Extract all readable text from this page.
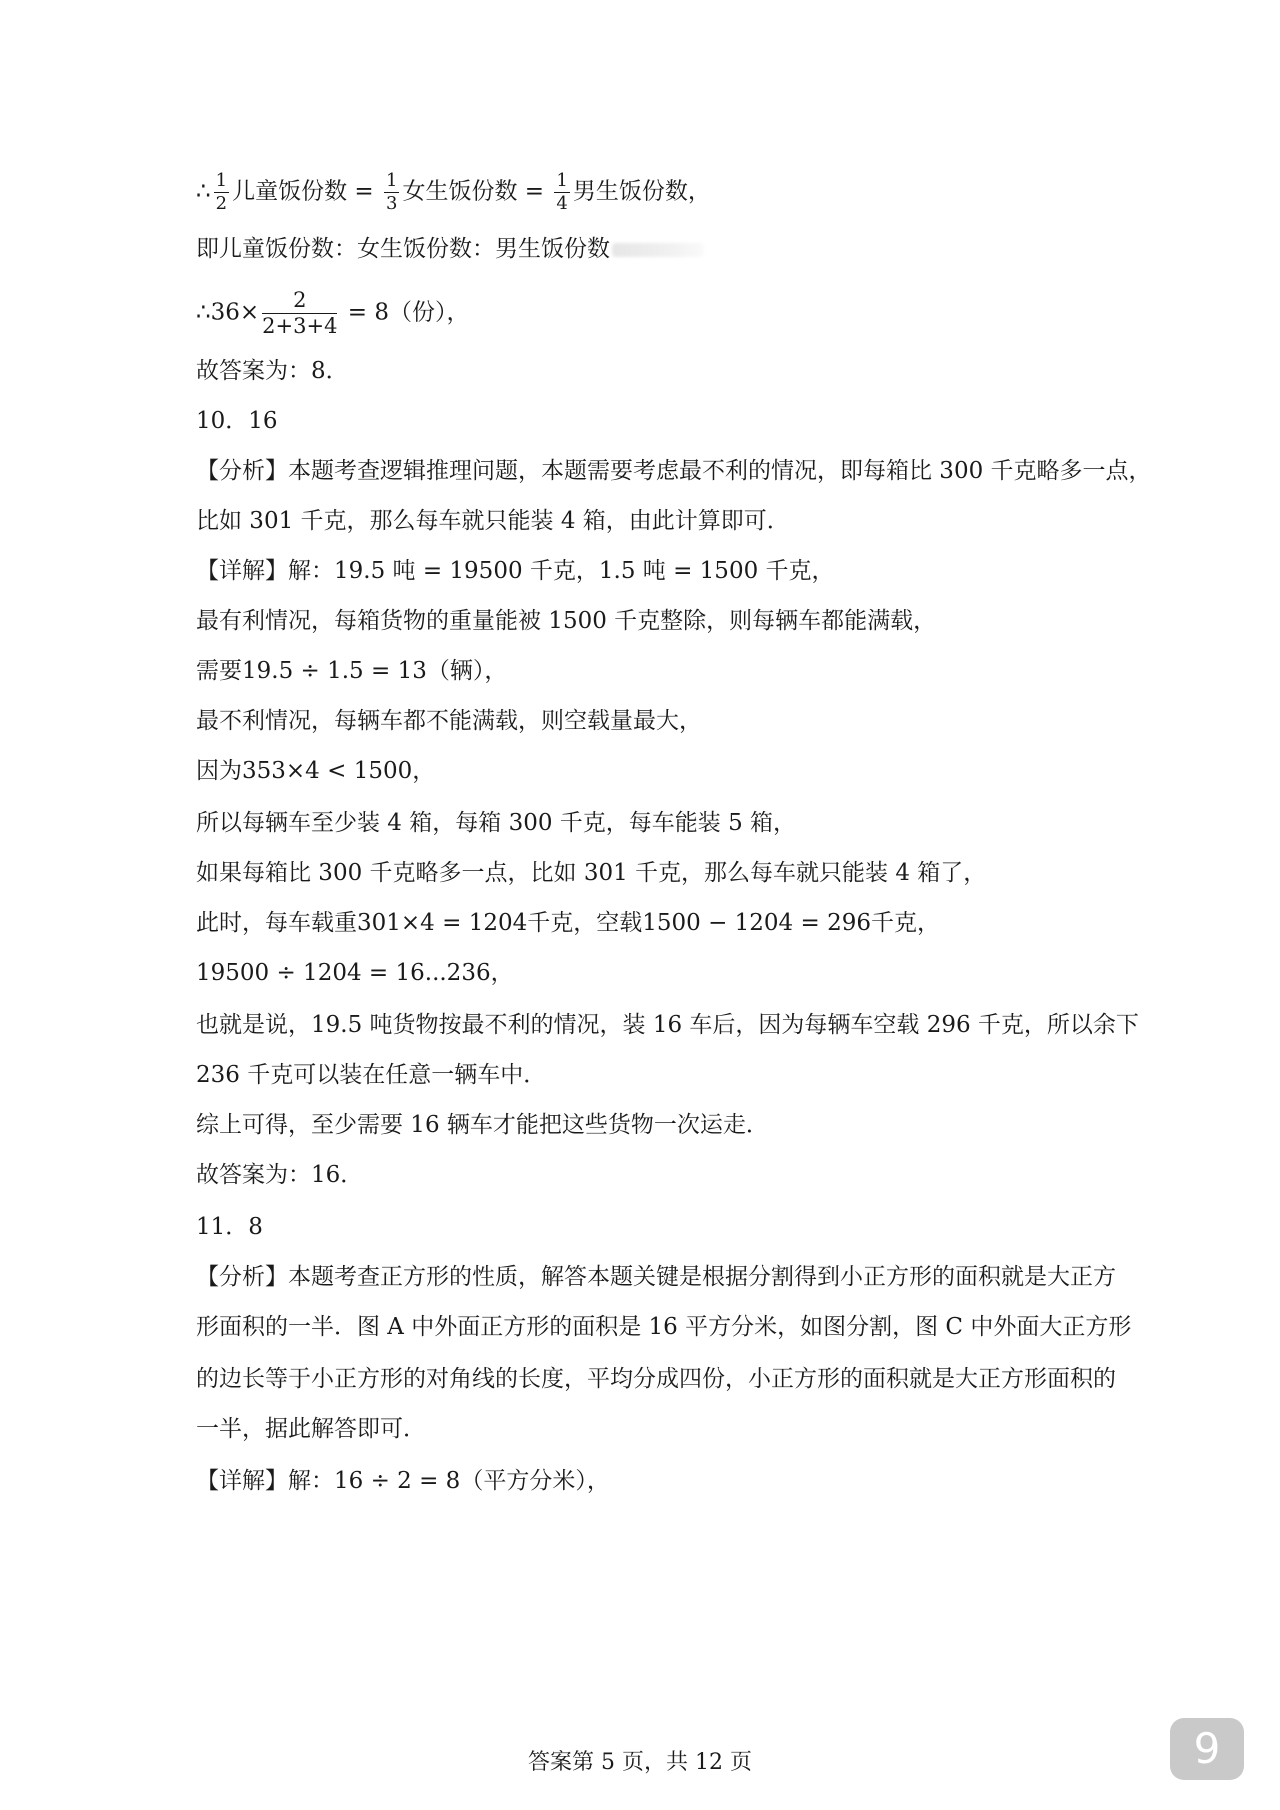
∴ $\frac{1}{2}$ 儿童饭份数 = $\frac{1}{3}$ 女生饭份数 = $\frac{1}{4}$ 男生饭份数，
即儿童饭份数：女生饭份数：男生饭份数
∴36× $\frac{2}{2+3+4} = 8$（份），
故答案为：8．
10．16
【分析】本题考查逻辑推理问题，本题需要考虑最不利的情况，即每箱比 300 千克略多一点，
比如 301 千克，那么每车就只能装 4 箱，由此计算即可．
【详解】解：19.5 吨 = 19500 千克，1.5 吨 = 1500 千克，
最有利情况，每箱货物的重量能被 1500 千克整除，则每辆车都能满载，
需要19.5 ÷ 1.5 = 13（辆），
最不利情况，每辆车都不能满载，则空载量最大，
因为353×4 < 1500，
所以每辆车至少装 4 箱，每箱 300 千克，每车能装 5 箱，
如果每箱比 300 千克略多一点，比如 301 千克，那么每车就只能装 4 箱了，
此时，每车载重301×4 = 1204千克，空载1500 − 1204 = 296千克，
19500 ÷ 1204 = 16...236，
也就是说，19.5 吨货物按最不利的情况，装 16 车后，因为每辆车空载 296 千克，所以余下
236 千克可以装在任意一辆车中．
综上可得，至少需要 16 辆车才能把这些货物一次运走．
故答案为：16．
11．8
【分析】本题考查正方形的性质，解答本题关键是根据分割得到小正方形的面积就是大正方
形面积的一半．图 A 中外面正方形的面积是 16 平方分米，如图分割，图 C 中外面大正方形
的边长等于小正方形的对角线的长度，平均分成四份，小正方形的面积就是大正方形面积的
一半，据此解答即可．
【详解】解：16 ÷ 2 = 8（平方分米），
答案第 5 页，共 12 页	9
